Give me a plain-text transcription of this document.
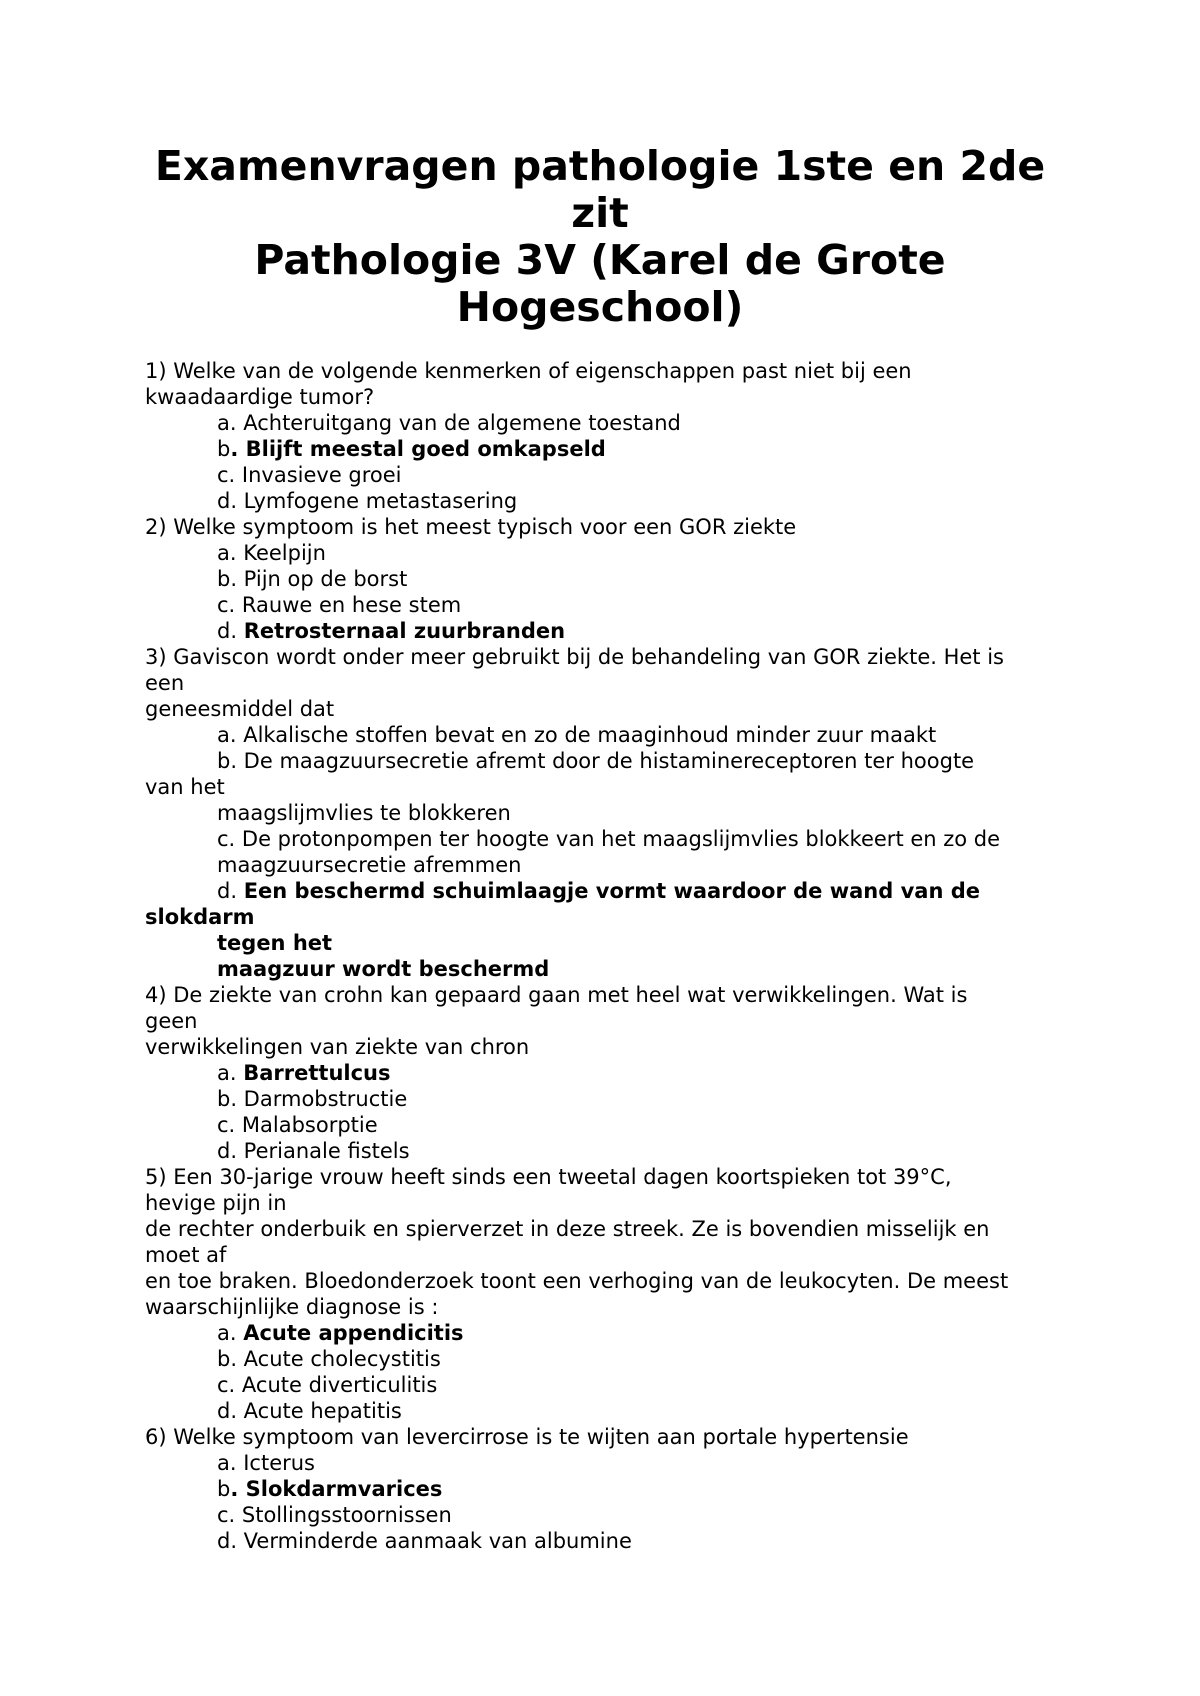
Examenvragen pathologie 1ste en 2de
zit
Pathologie 3V (Karel de Grote
Hogeschool)
1) Welke van de volgende kenmerken of eigenschappen past niet bij een
kwaadaardige tumor?
a. Achteruitgang van de algemene toestand
b. Blijft meestal goed omkapseld
c. Invasieve groei
d. Lymfogene metastasering
2) Welke symptoom is het meest typisch voor een GOR ziekte
a. Keelpijn
b. Pijn op de borst
c. Rauwe en hese stem
d. Retrosternaal zuurbranden
3) Gaviscon wordt onder meer gebruikt bij de behandeling van GOR ziekte. Het is
een
geneesmiddel dat
a. Alkalische stoffen bevat en zo de maaginhoud minder zuur maakt
b. De maagzuursecretie afremt door de histaminereceptoren ter hoogte
van het
maagslijmvlies te blokkeren
c. De protonpompen ter hoogte van het maagslijmvlies blokkeert en zo de
maagzuursecretie afremmen
d. Een beschermd schuimlaagje vormt waardoor de wand van de
slokdarm
tegen het
maagzuur wordt beschermd
4) De ziekte van crohn kan gepaard gaan met heel wat verwikkelingen. Wat is
geen
verwikkelingen van ziekte van chron
a. Barrettulcus
b. Darmobstructie
c. Malabsorptie
d. Perianale fistels
5) Een 30-jarige vrouw heeft sinds een tweetal dagen koortspieken tot 39°C,
hevige pijn in
de rechter onderbuik en spierverzet in deze streek. Ze is bovendien misselijk en
moet af
en toe braken. Bloedonderzoek toont een verhoging van de leukocyten. De meest
waarschijnlijke diagnose is :
a. Acute appendicitis
b. Acute cholecystitis
c. Acute diverticulitis
d. Acute hepatitis
6) Welke symptoom van levercirrose is te wijten aan portale hypertensie
a. Icterus
b. Slokdarmvarices
c. Stollingsstoornissen
d. Verminderde aanmaak van albumine
